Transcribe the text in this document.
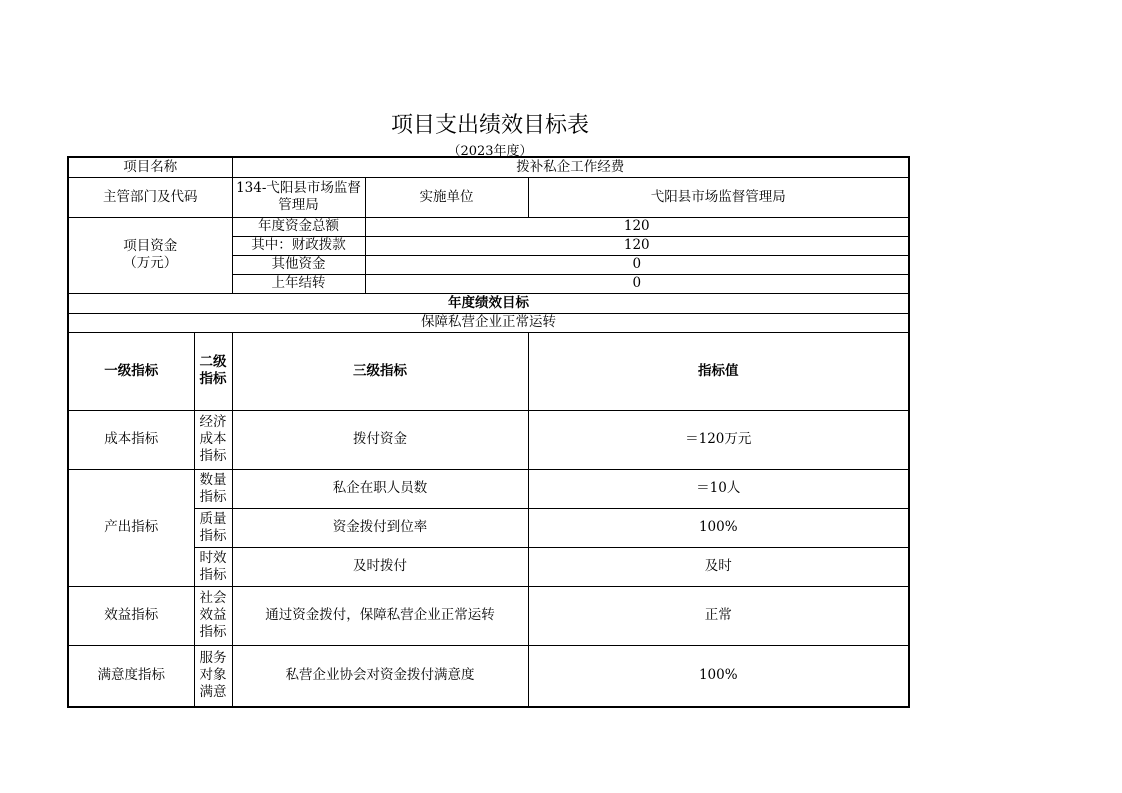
项目支出绩效目标表
（2023年度）
项目名称		拨补私企工作经费		
主管部门及代码		134-弋阳县市场监督管理局	实施单位	弋阳县市场监督管理局

项目资金
（万元）		年度资金总额	120	
		其中：财政拨款	120	
		其他资金	0	
		上年结转	0	
年度绩效目标				
保障私营企业正常运转				
一级指标	二级指标	三级指标		指标值
成本指标	经济成本指标	拨付资金		＝120万元
产出指标	数量指标	私企在职人员数		＝10人
	质量指标	资金拨付到位率		100%
	时效指标	及时拨付		及时
效益指标	社会效益指标	通过资金拨付，保障私营企业正常运转		正常
满意度指标	服务对象满意	私营企业协会对资金拨付满意度		100%
